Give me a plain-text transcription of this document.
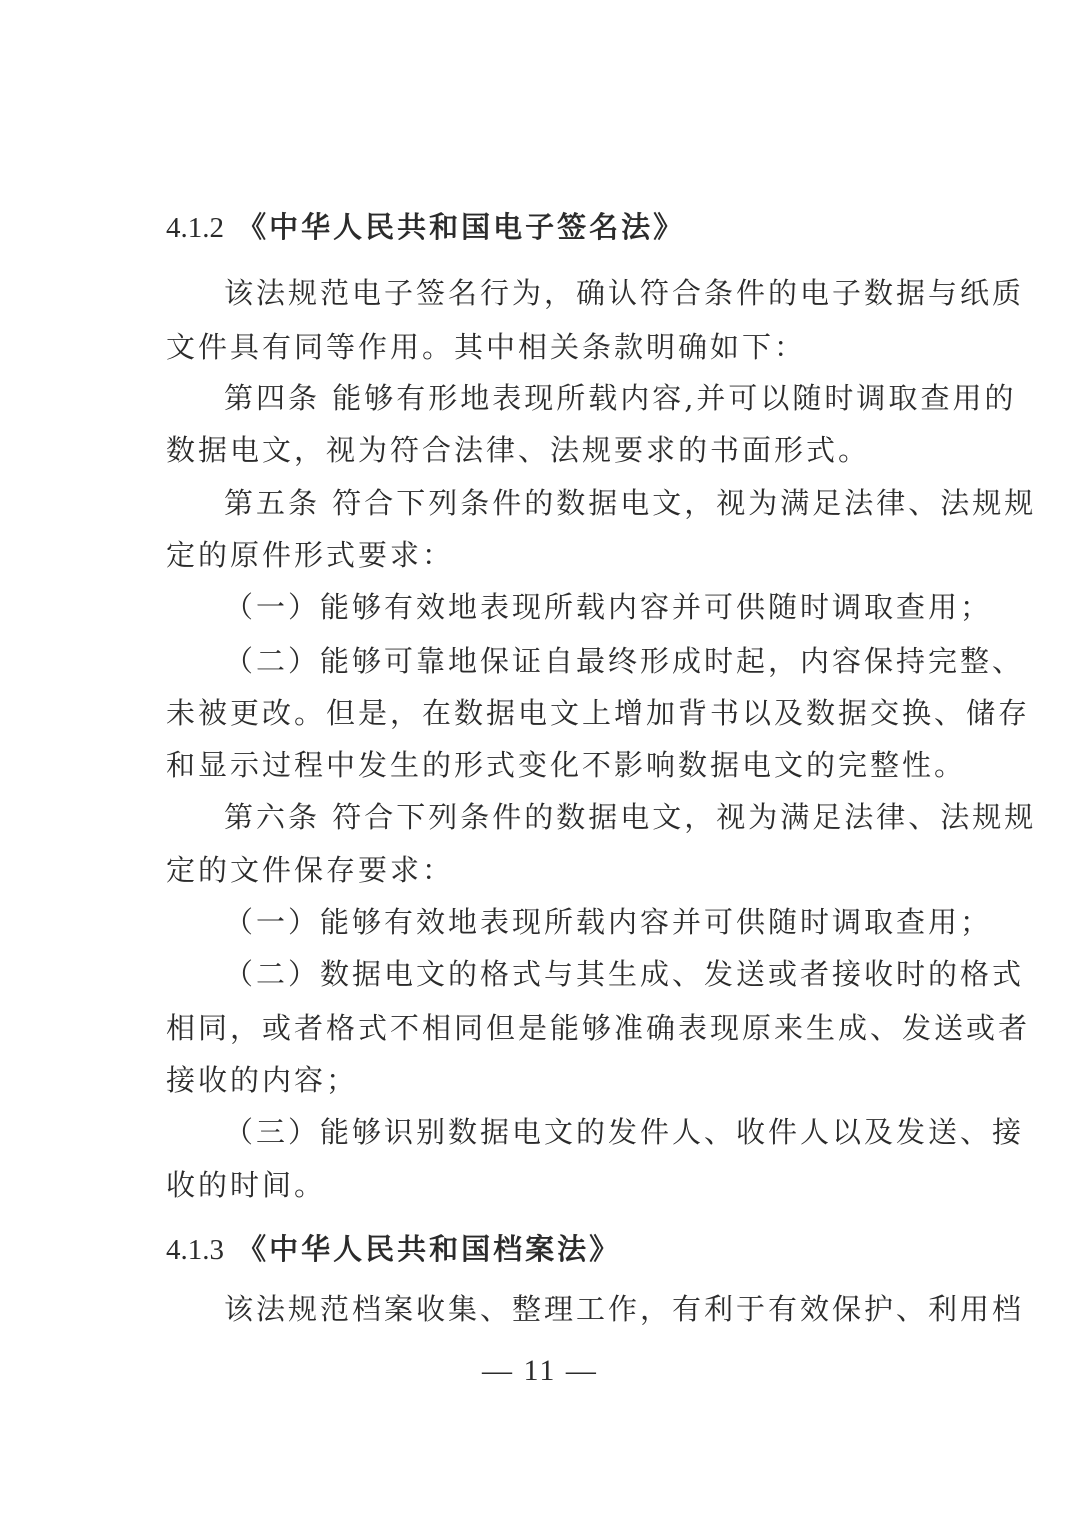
4.1.2 《中华人民共和国电子签名法》
该法规范电子签名行为，确认符合条件的电子数据与纸质
文件具有同等作用。其中相关条款明确如下：
第四条 能够有形地表现所载内容,并可以随时调取查用的
数据电文，视为符合法律、法规要求的书面形式。
第五条 符合下列条件的数据电文，视为满足法律、法规规
定的原件形式要求：
（一）能够有效地表现所载内容并可供随时调取查用；
（二）能够可靠地保证自最终形成时起，内容保持完整、
未被更改。但是，在数据电文上增加背书以及数据交换、储存
和显示过程中发生的形式变化不影响数据电文的完整性。
第六条 符合下列条件的数据电文，视为满足法律、法规规
定的文件保存要求：
（一）能够有效地表现所载内容并可供随时调取查用；
（二）数据电文的格式与其生成、发送或者接收时的格式
相同，或者格式不相同但是能够准确表现原来生成、发送或者
接收的内容；
（三）能够识别数据电文的发件人、收件人以及发送、接
收的时间。
4.1.3 《中华人民共和国档案法》
该法规范档案收集、整理工作，有利于有效保护、利用档
— 11 —
